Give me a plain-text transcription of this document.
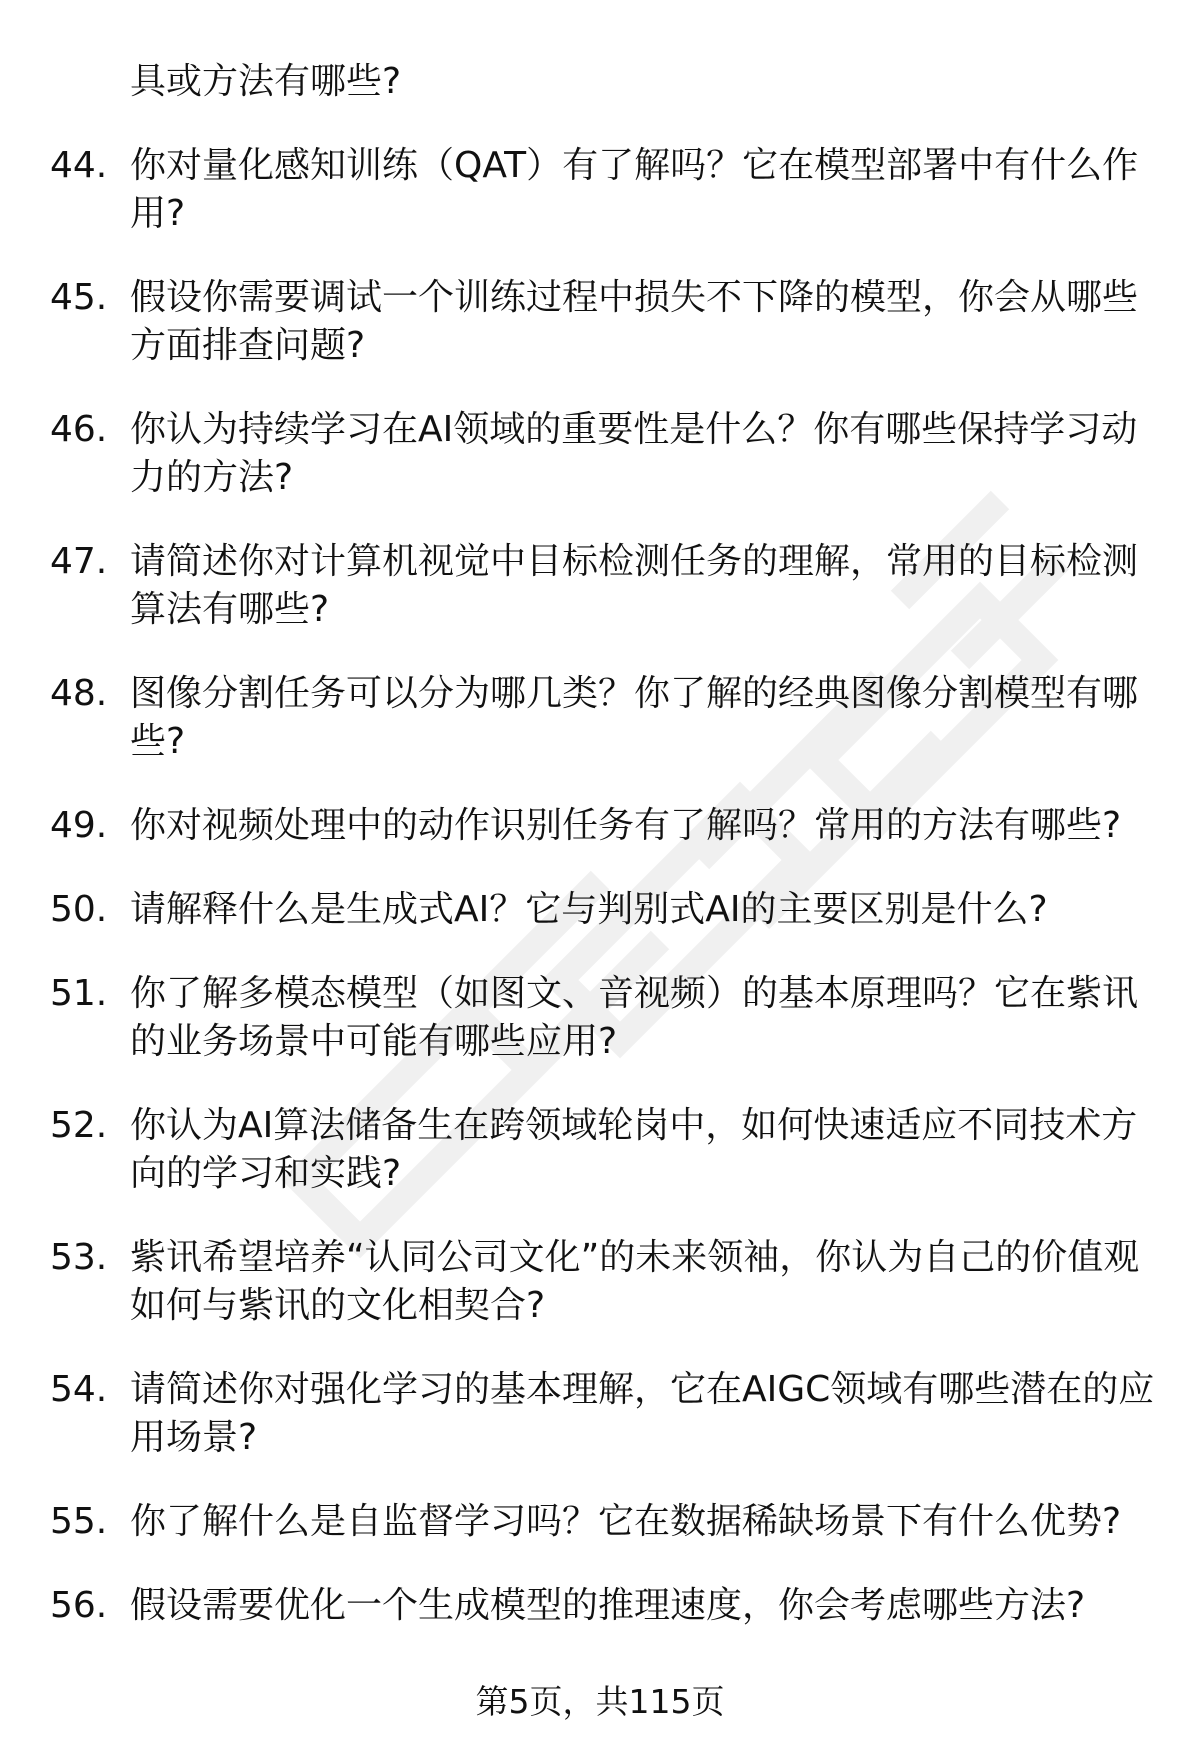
具或方法有哪些?
44. 你对量化感知训练（QAT）有了解吗？它在模型部署中有什么作用?
45. 假设你需要调试一个训练过程中损失不下降的模型，你会从哪些方面排查问题?
46. 你认为持续学习在AI领域的重要性是什么？你有哪些保持学习动力的方法?
47. 请简述你对计算机视觉中目标检测任务的理解，常用的目标检测算法有哪些?
48. 图像分割任务可以分为哪几类？你了解的经典图像分割模型有哪些?
49. 你对视频处理中的动作识别任务有了解吗？常用的方法有哪些?
50. 请解释什么是生成式AI？它与判别式AI的主要区别是什么?
51. 你了解多模态模型（如图文、音视频）的基本原理吗？它在紫讯的业务场景中可能有哪些应用?
52. 你认为AI算法储备生在跨领域轮岗中，如何快速适应不同技术方向的学习和实践?
53. 紫讯希望培养“认同公司文化”的未来领袖，你认为自己的价值观如何与紫讯的文化相契合?
54. 请简述你对强化学习的基本理解，它在AIGC领域有哪些潜在的应用场景?
55. 你了解什么是自监督学习吗？它在数据稀缺场景下有什么优势?
56. 假设需要优化一个生成模型的推理速度，你会考虑哪些方法?
第5页，共115页
